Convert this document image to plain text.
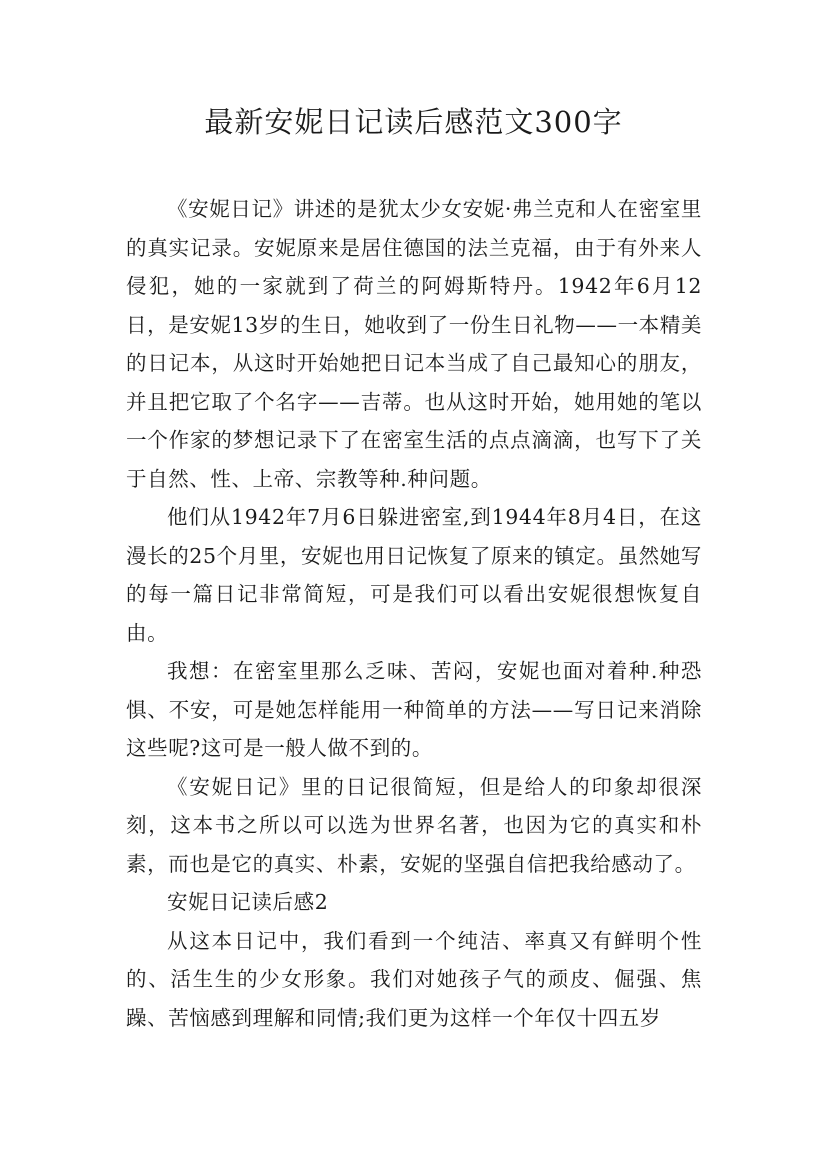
最新安妮日记读后感范文300字

《安妮日记》讲述的是犹太少女安妮·弗兰克和人在密室里的真实记录。安妮原来是居住德国的法兰克福，由于有外来人侵犯，她的一家就到了荷兰的阿姆斯特丹。1942年6月12日，是安妮13岁的生日，她收到了一份生日礼物——一本精美的日记本，从这时开始她把日记本当成了自己最知心的朋友，并且把它取了个名字——吉蒂。也从这时开始，她用她的笔以一个作家的梦想记录下了在密室生活的点点滴滴，也写下了关于自然、性、上帝、宗教等种.种问题。

他们从1942年7月6日躲进密室,到1944年8月4日，在这漫长的25个月里，安妮也用日记恢复了原来的镇定。虽然她写的每一篇日记非常简短，可是我们可以看出安妮很想恢复自由。

我想：在密室里那么乏味、苦闷，安妮也面对着种.种恐惧、不安，可是她怎样能用一种简单的方法——写日记来消除这些呢?这可是一般人做不到的。

《安妮日记》里的日记很简短，但是给人的印象却很深刻，这本书之所以可以选为世界名著，也因为它的真实和朴素，而也是它的真实、朴素，安妮的坚强自信把我给感动了。

安妮日记读后感2

从这本日记中，我们看到一个纯洁、率真又有鲜明个性的、活生生的少女形象。我们对她孩子气的顽皮、倔强、焦躁、苦恼感到理解和同情;我们更为这样一个年仅十四五岁
